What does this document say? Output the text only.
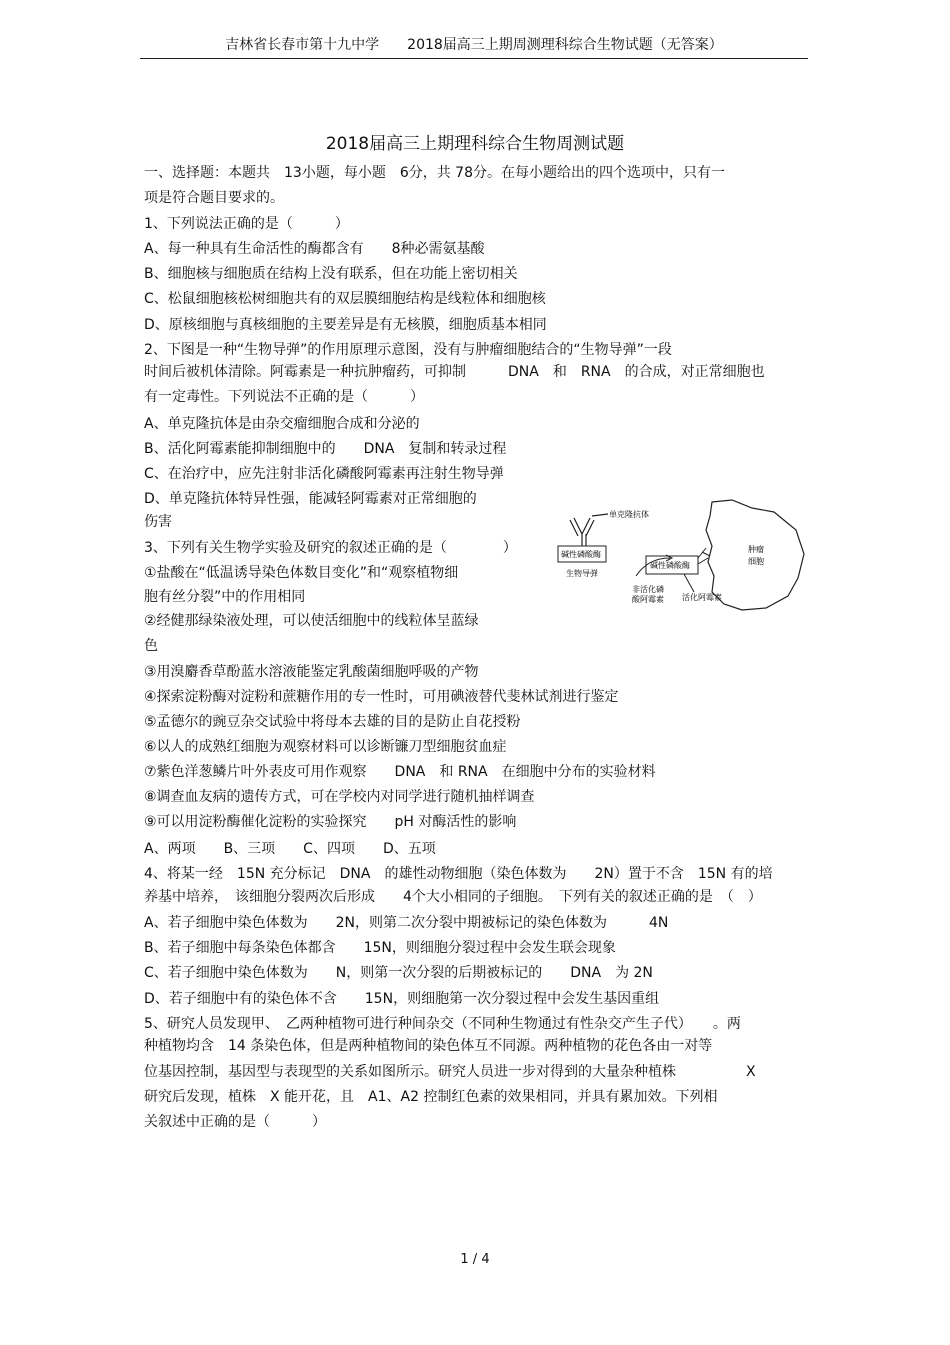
吉林省长春市第十九中学　　2018届高三上期周测理科综合生物试题（无答案）
2018届高三上期理科综合生物周测试题
一、选择题：本题共　13小题，每小题　6分，共 78分。在每小题给出的四个选项中，只有一
项是符合题目要求的。
1、下列说法正确的是（　　　）
A、每一种具有生命活性的酶都含有　　8种必需氨基酸
B、细胞核与细胞质在结构上没有联系，但在功能上密切相关
C、松鼠细胞核松树细胞共有的双层膜细胞结构是线粒体和细胞核
D、原核细胞与真核细胞的主要差异是有无核膜，细胞质基本相同
2、下图是一种“生物导弹”的作用原理示意图，没有与肿瘤细胞结合的“生物导弹”一段
时间后被机体清除。阿霉素是一种抗肿瘤药，可抑制　　　DNA　和　RNA　的合成，对正常细胞也
有一定毒性。下列说法不正确的是（　　　）
A、单克隆抗体是由杂交瘤细胞合成和分泌的
B、活化阿霉素能抑制细胞中的　　DNA　复制和转录过程
C、在治疗中，应先注射非活化磷酸阿霉素再注射生物导弹
D、单克隆抗体特异性强，能减轻阿霉素对正常细胞的
伤害
3、下列有关生物学实验及研究的叙述正确的是（　　　　）
①盐酸在“低温诱导染色体数目变化”和“观察植物细
胞有丝分裂”中的作用相同
②经健那绿染液处理，可以使活细胞中的线粒体呈蓝绿
色
③用溴麝香草酚蓝水溶液能鉴定乳酸菌细胞呼吸的产物
④探索淀粉酶对淀粉和蔗糖作用的专一性时，可用碘液替代斐林试剂进行鉴定
⑤孟德尔的豌豆杂交试验中将母本去雄的目的是防止自花授粉
⑥以人的成熟红细胞为观察材料可以诊断镰刀型细胞贫血症
⑦紫色洋葱鳞片叶外表皮可用作观察　　DNA　和 RNA　在细胞中分布的实验材料
⑧调查血友病的遗传方式，可在学校内对同学进行随机抽样调查
⑨可以用淀粉酶催化淀粉的实验探究　　pH 对酶活性的影响
A、两项　　B、三项　　C、四项　　D、五项
4、将某一经　15N 充分标记　DNA　的雄性动物细胞（染色体数为　　2N）置于不含　15N 有的培
养基中培养，　该细胞分裂两次后形成　　4个大小相同的子细胞。　下列有关的叙述正确的是　（　）
A、若子细胞中染色体数为　　2N，则第二次分裂中期被标记的染色体数为　　　4N
B、若子细胞中每条染色体都含　　15N，则细胞分裂过程中会发生联会现象
C、若子细胞中染色体数为　　N，则第一次分裂的后期被标记的　　DNA　为 2N
D、若子细胞中有的染色体不含　　15N，则细胞第一次分裂过程中会发生基因重组
5、研究人员发现甲、　乙两种植物可进行种间杂交（不同种生物通过有性杂交产生子代）　　。两
种植物均含　14 条染色体，但是两种植物间的染色体互不同源。两种植物的花色各由一对等
位基因控制，基因型与表现型的关系如图所示。研究人员进一步对得到的大量杂种植株　　　　　X
研究后发现，植株　X 能开花，且　A1、A2 控制红色素的效果相同，并具有累加效。下列相
关叙述中正确的是（　　　）
单克隆抗体
碱性磷酸酶
生物导弹
碱性磷酸酶
非活化磷
酸阿霉素 活化阿霉素
肿瘤
细胞
1 / 4
